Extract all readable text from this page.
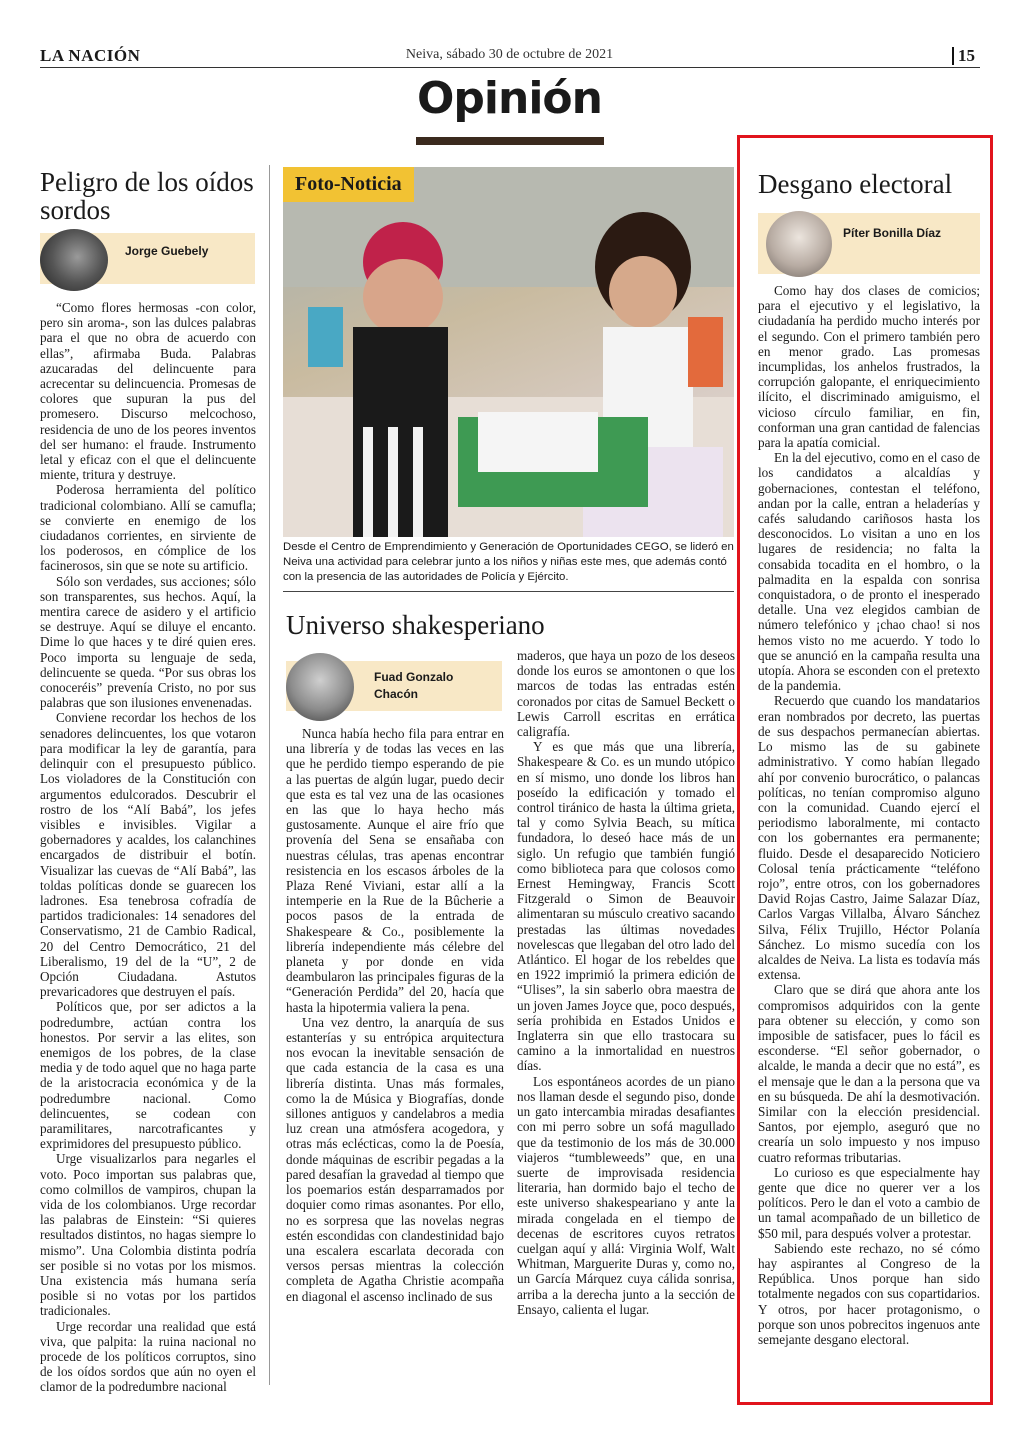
LA NACIÓN	Neiva, sábado 30 de octubre de 2021	15
Opinión
Peligro de los oídos sordos
Jorge Guebely

“Como flores hermosas -con color, pero sin aroma-, son las dulces palabras para el que no obra de acuerdo con ellas”, afirmaba Buda. Palabras azucaradas del delincuente para acrecentar su delincuencia. Promesas de colores que supuran la pus del promesero. Discurso melcochoso, residencia de uno de los peores inventos del ser humano: el fraude. Instrumento letal y eficaz con el que el delincuente miente, tritura y destruye.

Poderosa herramienta del político tradicional colombiano. Allí se camufla; se convierte en enemigo de los ciudadanos corrientes, en sirviente de los poderosos, en cómplice de los facinerosos, sin que se note su artificio.

Sólo son verdades, sus acciones; sólo son transparentes, sus hechos. Aquí, la mentira carece de asidero y el artificio se destruye. Aquí se diluye el encanto. Dime lo que haces y te diré quien eres. Poco importa su lenguaje de seda, delincuente se queda. “Por sus obras los conoceréis” prevenía Cristo, no por sus palabras que son ilusiones envenenadas.

Conviene recordar los hechos de los senadores delincuentes, los que votaron para modificar la ley de garantía, para delinquir con el presupuesto público. Los violadores de la Constitución con argumentos edulcorados. Descubrir el rostro de los “Alí Babá”, los jefes visibles e invisibles. Vigilar a gobernadores y acaldes, los calanchines encargados de distribuir el botín. Visualizar las cuevas de “Alí Babá”, las toldas políticas donde se guarecen los ladrones. Esa tenebrosa cofradía de partidos tradicionales: 14 senadores del Conservatismo, 21 de Cambio Radical, 20 del Centro Democrático, 21 del Liberalismo, 19 del de la “U”, 2 de Opción Ciudadana. Astutos prevaricadores que destruyen el país.

Políticos que, por ser adictos a la podredumbre, actúan contra los honestos. Por servir a las elites, son enemigos de los pobres, de la clase media y de todo aquel que no haga parte de la aristocracia económica y de la podredumbre nacional. Como delincuentes, se codean con paramilitares, narcotraficantes y exprimidores del presupuesto público.

Urge visualizarlos para negarles el voto. Poco importan sus palabras que, como colmillos de vampiros, chupan la vida de los colombianos. Urge recordar las palabras de Einstein: “Si quieres resultados distintos, no hagas siempre lo mismo”. Una Colombia distinta podría ser posible si no votas por los mismos. Una existencia más humana sería posible si no votas por los partidos tradicionales.

Urge recordar una realidad que está viva, que palpita: la ruina nacional no procede de los políticos corruptos, sino de los oídos sordos que aún no oyen el clamor de la podredumbre nacional

Foto-Noticia
Desde el Centro de Emprendimiento y Generación de Oportunidades CEGO, se lideró en Neiva una actividad para celebrar junto a los niños y niñas este mes, que además contó con la presencia de las autoridades de Policía y Ejército.
Universo shakesperiano
Fuad Gonzalo Chacón

Nunca había hecho fila para entrar en una librería y de todas las veces en las que he perdido tiempo esperando de pie a las puertas de algún lugar, puedo decir que esta es tal vez una de las ocasiones en las que lo haya hecho más gustosamente. Aunque el aire frío que provenía del Sena se ensañaba con nuestras células, tras apenas encontrar resistencia en los escasos árboles de la Plaza René Viviani, estar allí a la intemperie en la Rue de la Bûcherie a pocos pasos de la entrada de Shakespeare & Co., posiblemente la librería independiente más célebre del planeta y por donde en vida deambularon las principales figuras de la “Generación Perdida” del 20, hacía que hasta la hipotermia valiera la pena.

Una vez dentro, la anarquía de sus estanterías y su entrópica arquitectura nos evocan la inevitable sensación de que cada estancia de la casa es una librería distinta. Unas más formales, como la de Música y Biografías, donde sillones antiguos y candelabros a media luz crean una atmósfera acogedora, y otras más eclécticas, como la de Poesía, donde máquinas de escribir pegadas a la pared desafían la gravedad al tiempo que los poemarios están desparramados por doquier como rimas asonantes. Por ello, no es sorpresa que las novelas negras estén escondidas con clandestinidad bajo una escalera escarlata decorada con versos persas mientras la colección completa de Agatha Christie acompaña en diagonal el ascenso inclinado de sus

maderos, que haya un pozo de los deseos donde los euros se amontonen o que los marcos de todas las entradas estén coronados por citas de Samuel Beckett o Lewis Carroll escritas en errática caligrafía.

Y es que más que una librería, Shakespeare & Co. es un mundo utópico en sí mismo, uno donde los libros han poseído la edificación y tomado el control tiránico de hasta la última grieta, tal y como Sylvia Beach, su mítica fundadora, lo deseó hace más de un siglo. Un refugio que también fungió como biblioteca para que colosos como Ernest Hemingway, Francis Scott Fitzgerald o Simon de Beauvoir alimentaran su músculo creativo sacando prestadas las últimas novedades novelescas que llegaban del otro lado del Atlántico. El hogar de los rebeldes que en 1922 imprimió la primera edición de “Ulises”, la sin saberlo obra maestra de un joven James Joyce que, poco después, sería prohibida en Estados Unidos e Inglaterra sin que ello trastocara su camino a la inmortalidad en nuestros días.

Los espontáneos acordes de un piano nos llaman desde el segundo piso, donde un gato intercambia miradas desafiantes con mi perro sobre un sofá magullado que da testimonio de los más de 30.000 viajeros “tumbleweeds” que, en una suerte de improvisada residencia literaria, han dormido bajo el techo de este universo shakespeariano y ante la mirada congelada en el tiempo de decenas de escritores cuyos retratos cuelgan aquí y allá: Virginia Wolf, Walt Whitman, Marguerite Duras y, como no, un García Márquez cuya cálida sonrisa, arriba a la derecha junto a la sección de Ensayo, calienta el lugar.

Desgano electoral
Píter Bonilla Díaz

Como hay dos clases de comicios; para el ejecutivo y el legislativo, la ciudadanía ha perdido mucho interés por el segundo. Con el primero también pero en menor grado. Las promesas incumplidas, los anhelos frustrados, la corrupción galopante, el enriquecimiento ilícito, el discriminado amiguismo, el vicioso círculo familiar, en fin, conforman una gran cantidad de falencias para la apatía comicial.

En la del ejecutivo, como en el caso de los candidatos a alcaldías y gobernaciones, contestan el teléfono, andan por la calle, entran a heladerías y cafés saludando cariñosos hasta los desconocidos. Lo visitan a uno en los lugares de residencia; no falta la consabida tocadita en el hombro, o la palmadita en la espalda con sonrisa conquistadora, o de pronto el inesperado detalle. Una vez elegidos cambian de número telefónico y ¡chao chao! si nos hemos visto no me acuerdo. Y todo lo que se anunció en la campaña resulta una utopía. Ahora se esconden con el pretexto de la pandemia.

Recuerdo que cuando los mandatarios eran nombrados por decreto, las puertas de sus despachos permanecían abiertas. Lo mismo las de su gabinete administrativo. Y como habían llegado ahí por convenio burocrático, o palancas políticas, no tenían compromiso alguno con la comunidad. Cuando ejercí el periodismo laboralmente, mi contacto con los gobernantes era permanente; fluido. Desde el desaparecido Noticiero Colosal tenía prácticamente “teléfono rojo”, entre otros, con los gobernadores David Rojas Castro, Jaime Salazar Díaz, Carlos Vargas Villalba, Álvaro Sánchez Silva, Félix Trujillo, Héctor Polanía Sánchez. Lo mismo sucedía con los alcaldes de Neiva. La lista es todavía más extensa.

Claro que se dirá que ahora ante los compromisos adquiridos con la gente para obtener su elección, y como son imposible de satisfacer, pues lo fácil es esconderse. “El señor gobernador, o alcalde, le manda a decir que no está”, es el mensaje que le dan a la persona que va en su búsqueda. De ahí la desmotivación. Similar con la elección presidencial. Santos, por ejemplo, aseguró que no crearía un solo impuesto y nos impuso cuatro reformas tributarias.

Lo curioso es que especialmente hay gente que dice no querer ver a los políticos. Pero le dan el voto a cambio de un tamal acompañado de un billetico de $50 mil, para después volver a protestar.

Sabiendo este rechazo, no sé cómo hay aspirantes al Congreso de la República. Unos porque han sido totalmente negados con sus copartidarios. Y otros, por hacer protagonismo, o porque son unos pobrecitos ingenuos ante semejante desgano electoral.
